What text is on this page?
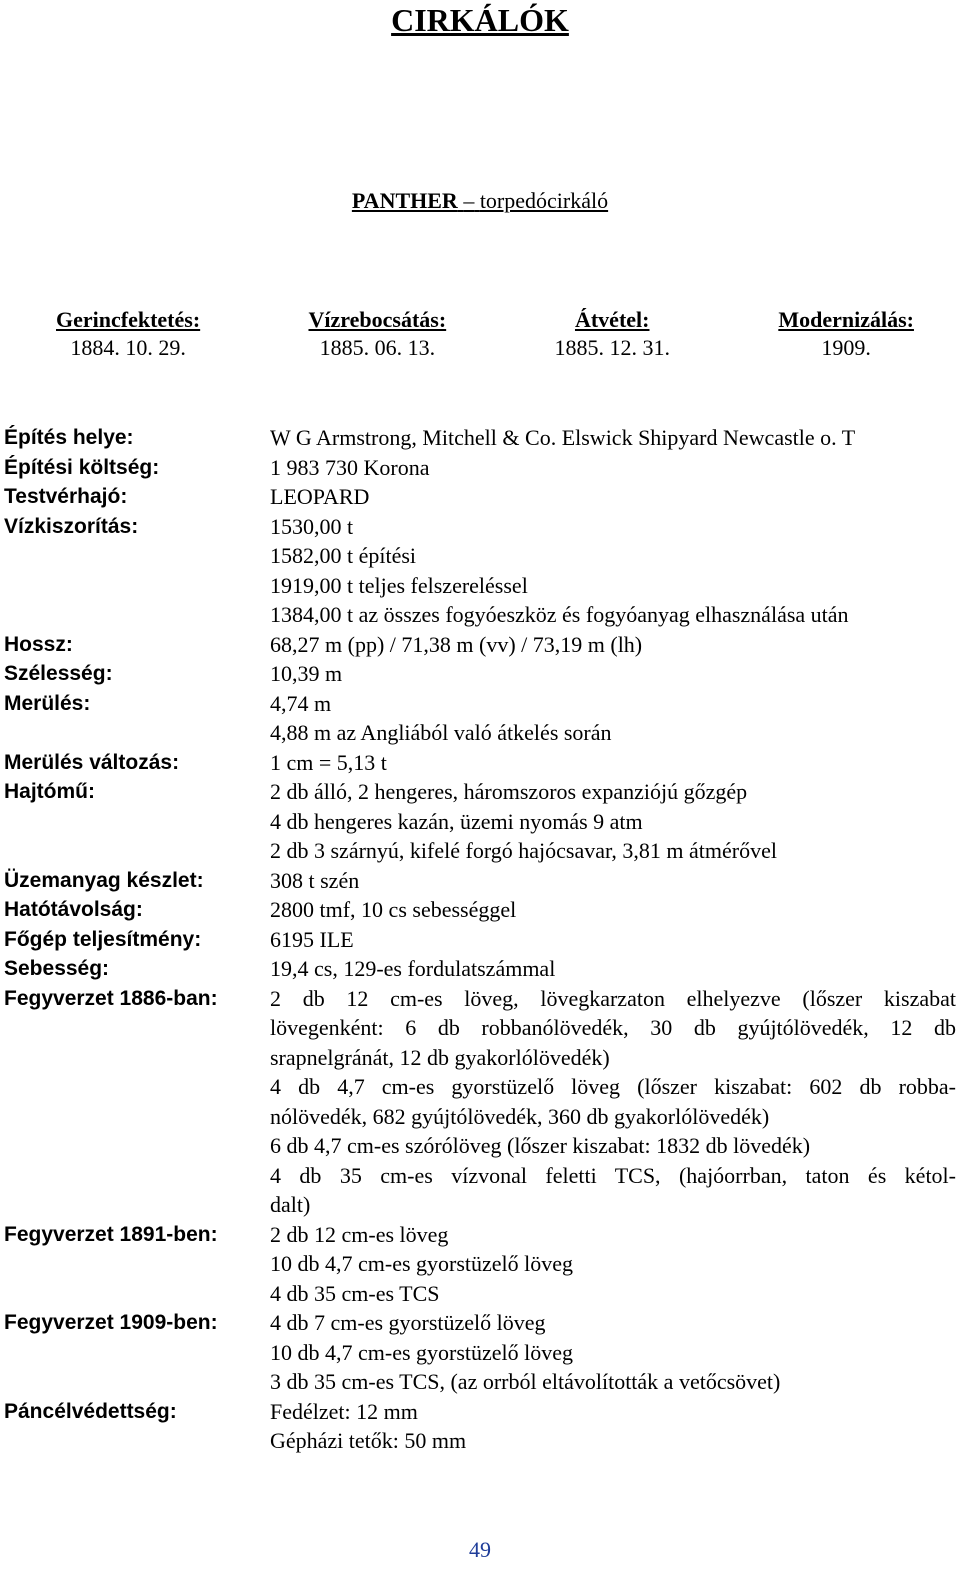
CIRKÁLÓK
PANTHER – torpedócirkáló
Gerincfektetés:
1884. 10. 29.
Vízrebocsátás:
1885. 06. 13.
Átvétel:
1885. 12. 31.
Modernizálás:
1909.
Építés helye:	W G Armstrong, Mitchell & Co. Elswick Shipyard Newcastle o. T
Építési költség:	1 983 730 Korona
Testvérhajó:	LEOPARD
Vízkiszorítás:	1530,00 t
1582,00 t építési
1919,00 t teljes felszereléssel
1384,00 t az összes fogyóeszköz és fogyóanyag elhasználása után
Hossz:	68,27 m (pp) / 71,38 m (vv) / 73,19 m (lh)
Szélesség:	10,39 m
Merülés:	4,74 m
4,88 m az Angliából való átkelés során
Merülés változás:	1 cm = 5,13 t
Hajtómű:	2 db álló, 2 hengeres, háromszoros expanziójú gőzgép
4 db hengeres kazán, üzemi nyomás 9 atm
2 db 3 szárnyú, kifelé forgó hajócsavar, 3,81 m átmérővel
Üzemanyag készlet:	308 t szén
Hatótávolság:	2800 tmf, 10 cs sebességgel
Főgép teljesítmény:	6195 ILE
Sebesség:	19,4 cs, 129-es fordulatszámmal
Fegyverzet 1886-ban:	2 db 12 cm-es löveg, lövegkarzaton elhelyezve (lőszer kiszabat
lövegenként: 6 db robbanólövedék, 30 db gyújtólövedék, 12 db
srapnelgránát, 12 db gyakorlólövedék)
4 db 4,7 cm-es gyorstüzelő löveg (lőszer kiszabat: 602 db robba-
nólövedék, 682 gyújtólövedék, 360 db gyakorlólövedék)
6 db 4,7 cm-es szórólöveg (lőszer kiszabat: 1832 db lövedék)
4 db 35 cm-es vízvonal feletti TCS, (hajóorrban, taton és kétol-
dalt)
Fegyverzet 1891-ben:	2 db 12 cm-es löveg
10 db 4,7 cm-es gyorstüzelő löveg
4 db 35 cm-es TCS
Fegyverzet 1909-ben:	4 db 7 cm-es gyorstüzelő löveg
10 db 4,7 cm-es gyorstüzelő löveg
3 db 35 cm-es TCS, (az orrból eltávolították a vetőcsövet)
Páncélvédettség:	Fedélzet: 12 mm
Gépházi tetők: 50 mm
49
